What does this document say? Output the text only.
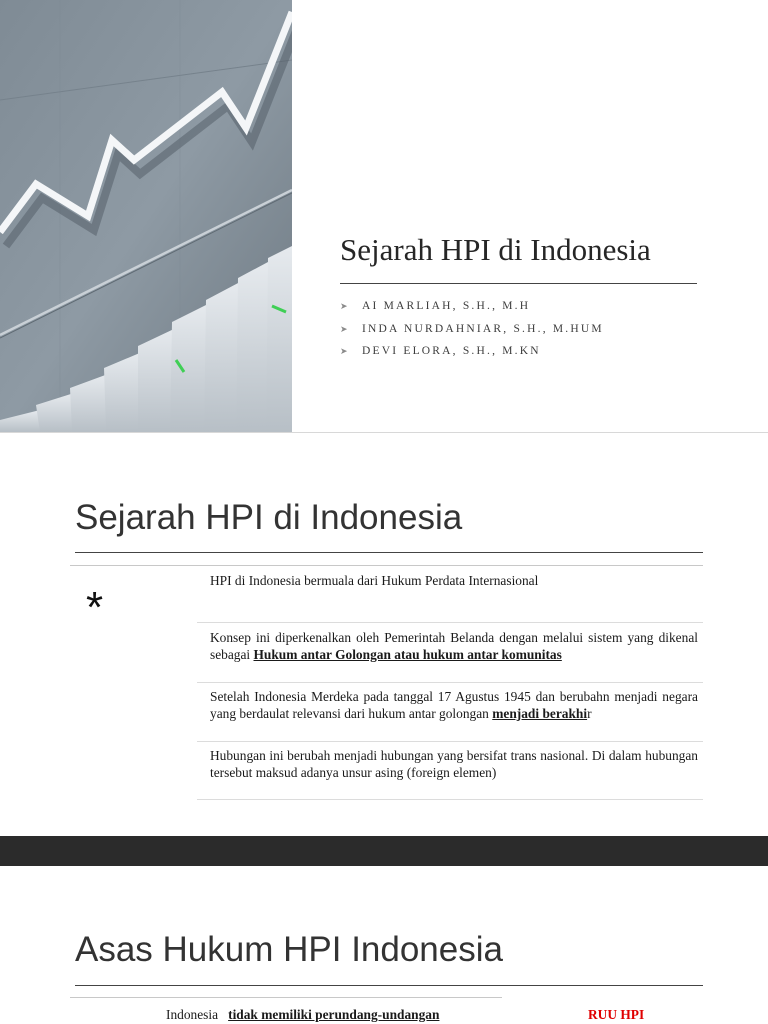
Sejarah HPI di Indonesia
➤ AI MARLIAH, S.H., M.H
➤ INDA NURDAHNIAR, S.H., M.HUM
➤ DEVI ELORA, S.H., M.KN
Sejarah HPI di Indonesia
*

HPI di Indonesia bermuala dari Hukum Perdata Internasional

Konsep ini diperkenalkan oleh Pemerintah Belanda dengan melalui sistem yang dikenal sebagai Hukum antar Golongan atau hukum antar komunitas

Setelah Indonesia Merdeka pada tanggal 17 Agustus 1945 dan berubahn menjadi negara yang berdaulat relevansi dari hukum antar golongan menjadi berakhir

Hubungan ini berubah menjadi hubungan yang bersifat trans nasional. Di dalam hubungan tersebut maksud adanya unsur asing (foreign elemen)

Asas Hukum HPI Indonesia
Indonesia tidak memiliki perundang-undangan	RUU HPI
